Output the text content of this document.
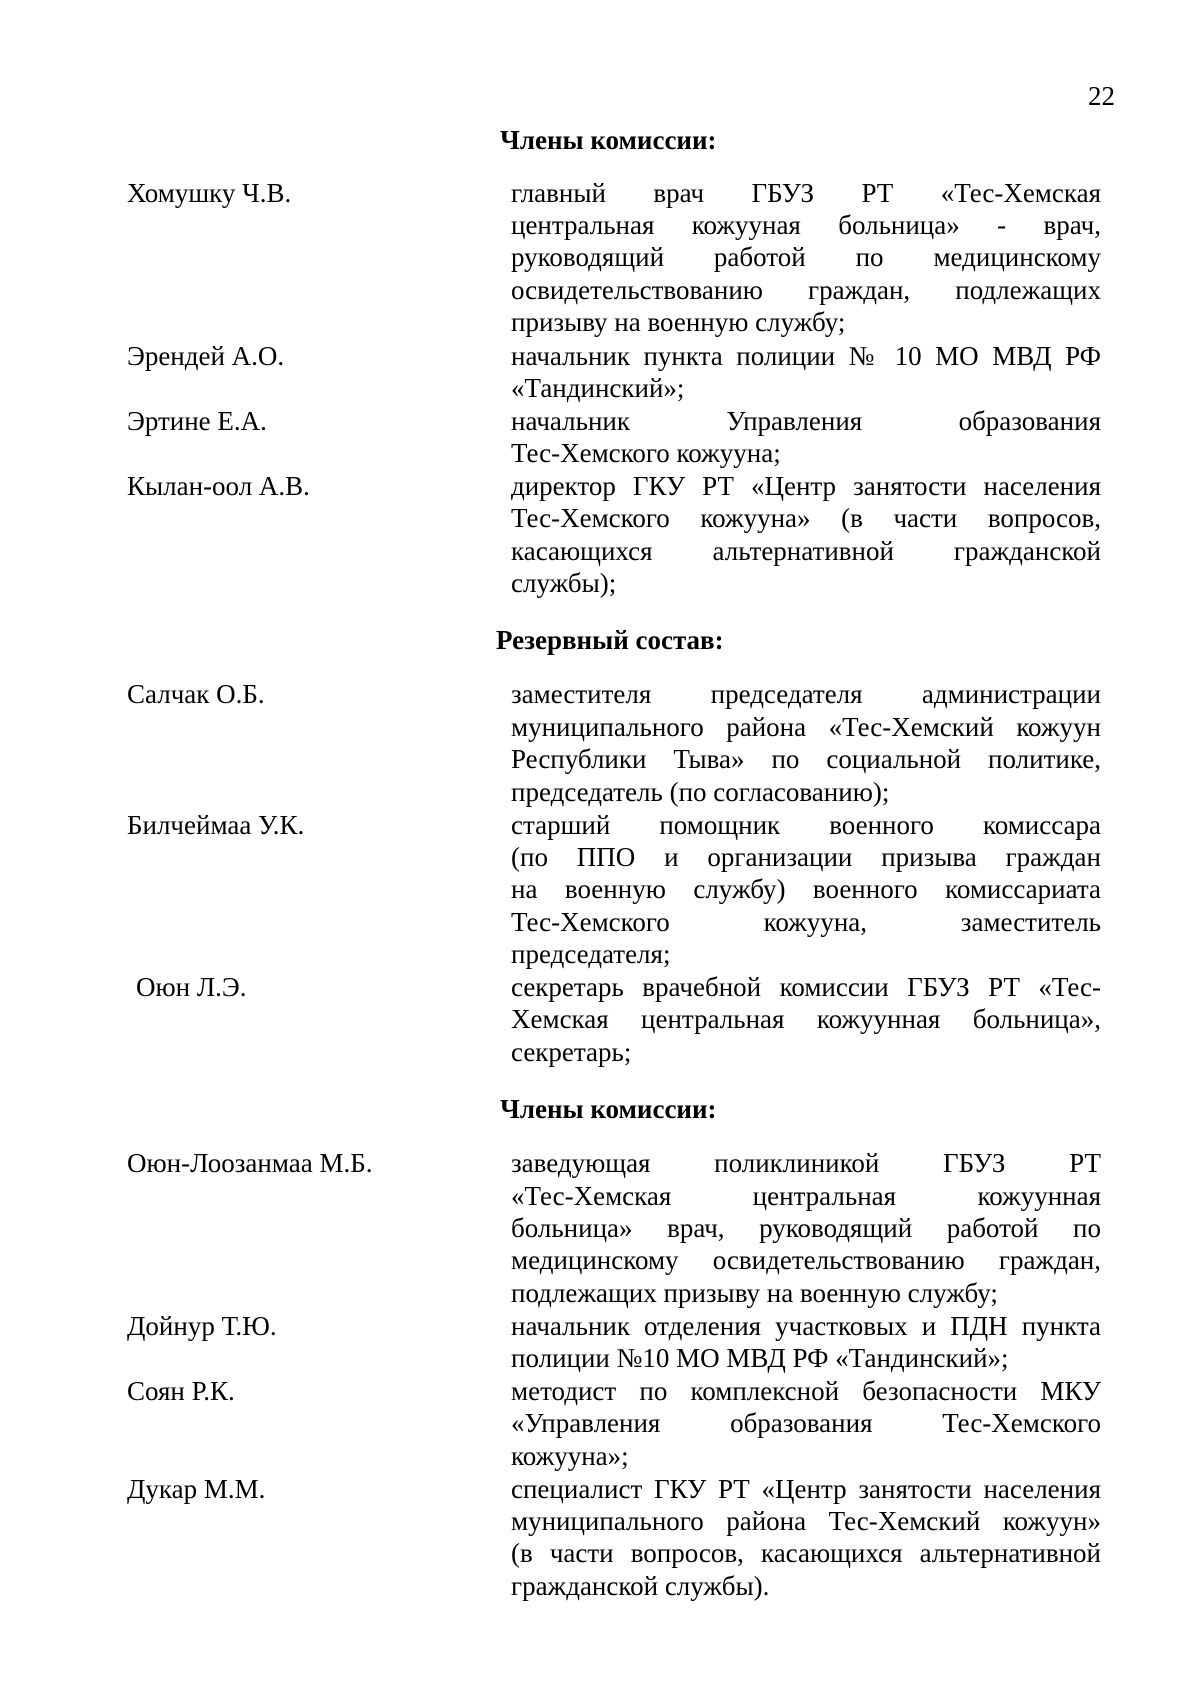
22
Члены комиссии:
Хомушку Ч.В.	главный врач ГБУЗ РТ «Тес-Хемская
центральная кожууная больница» - врач,
руководящий работой по медицинскому
освидетельствованию граждан, подлежащих
призыву на военную службу;
Эрендей А.О.	начальник пункта полиции № 10 МО МВД РФ
«Тандинский»;
Эртине Е.А.	начальник Управления образования
Тес-Хемского кожууна;
Кылан-оол А.В.	директор ГКУ РТ «Центр занятости населения
Тес-Хемского кожууна» (в части вопросов,
касающихся альтернативной гражданской
службы);
Резервный состав:
Салчак О.Б.	заместителя председателя администрации
муниципального района «Тес-Хемский кожуун
Республики Тыва» по социальной политике,
председатель (по согласованию);
Билчеймаа У.К.	старший помощник военного комиссара
(по ППО и организации призыва граждан
на военную службу) военного комиссариата
Тес-Хемского кожууна, заместитель
председателя;
Оюн Л.Э.	секретарь врачебной комиссии ГБУЗ РТ «Тес-
Хемская центральная кожуунная больница»,
секретарь;
Члены комиссии:
Оюн-Лоозанмаа М.Б.	заведующая поликлиникой ГБУЗ РТ
«Тес-Хемская центральная кожуунная
больница» врач, руководящий работой по
медицинскому освидетельствованию граждан,
подлежащих призыву на военную службу;
Дойнур Т.Ю.	начальник отделения участковых и ПДН пункта
полиции №10 МО МВД РФ «Тандинский»;
Соян Р.К.	методист по комплексной безопасности МКУ
«Управления образования Тес-Хемского
кожууна»;
Дукар М.М.	специалист ГКУ РТ «Центр занятости населения
муниципального района Тес-Хемский кожуун»
(в части вопросов, касающихся альтернативной
гражданской службы).
